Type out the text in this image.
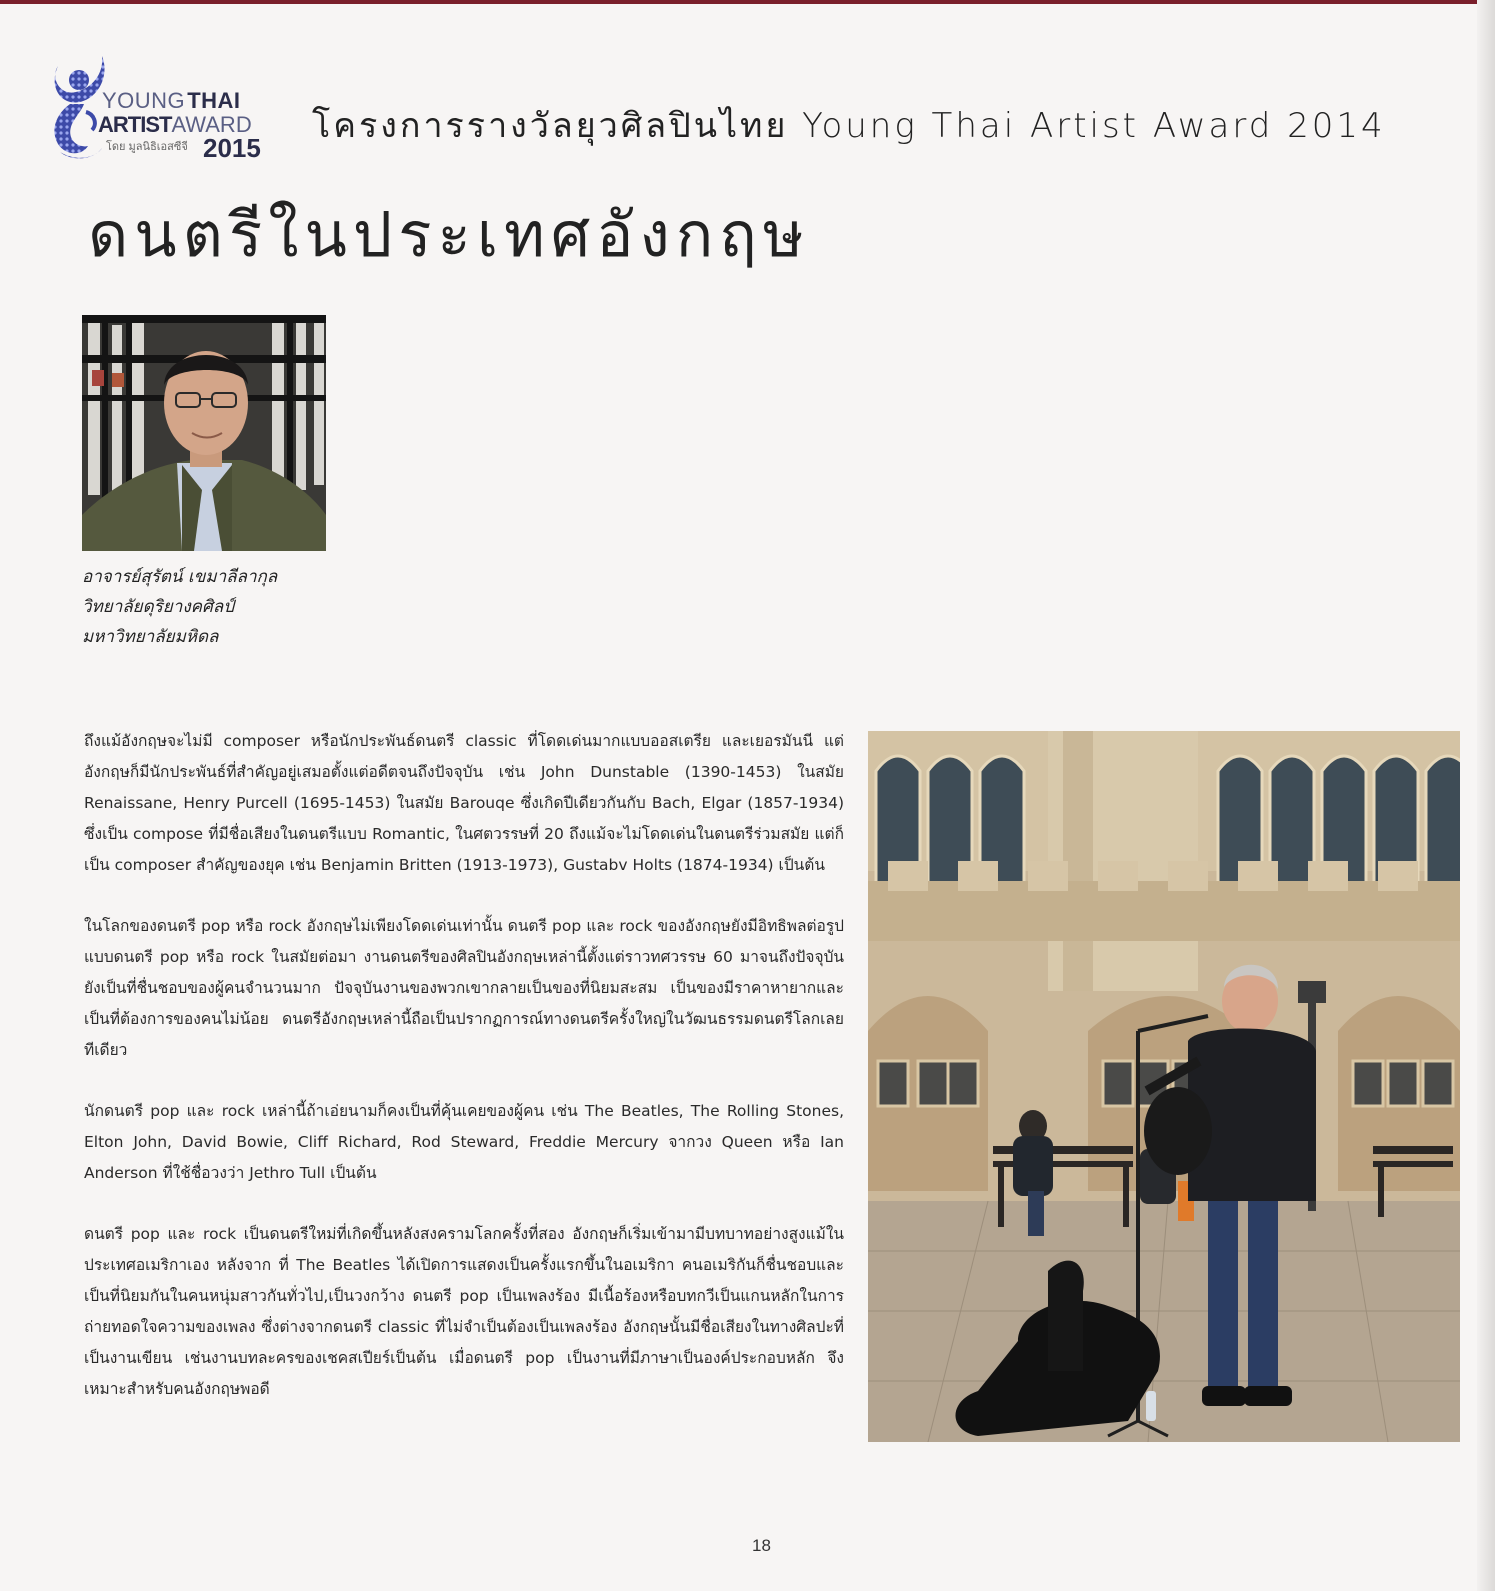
YOUNGTHAI
ARTISTAWARD
โดย มูลนิธิเอสซีจี 2015
โครงการรางวัลยุวศิลปินไทย Young Thai Artist Award 2014
ดนตรีในประเทศอังกฤษ
อาจารย์สุรัตน์ เขมาลีลากุล
วิทยาลัยดุริยางคศิลป์
มหาวิทยาลัยมหิดล

ถึงแม้อังกฤษจะไม่มี composer หรือนักประพันธ์ดนตรี classic ที่โดดเด่นมากแบบออสเตรีย และเยอรมันนี แต่อังกฤษก็มีนักประพันธ์ที่สำคัญอยู่เสมอตั้งแต่อดีตจนถึงปัจจุบัน เช่น John Dunstable (1390-1453) ในสมัย Renaissane, Henry Purcell (1695-1453) ในสมัย Barouqe ซึ่งเกิดปีเดียวกันกับ Bach, Elgar (1857-1934) ซึ่งเป็น compose ที่มีชื่อเสียงในดนตรีแบบ Romantic, ในศตวรรษที่ 20 ถึงแม้จะไม่โดดเด่นในดนตรีร่วมสมัย แต่ก็เป็น composer สำคัญของยุค เช่น Benjamin Britten (1913-1973), Gustabv Holts (1874-1934) เป็นต้น

ในโลกของดนตรี pop หรือ rock อังกฤษไม่เพียงโดดเด่นเท่านั้น ดนตรี pop และ rock ของอังกฤษยังมีอิทธิพลต่อรูปแบบดนตรี pop หรือ rock ในสมัยต่อมา งานดนตรีของศิลปินอังกฤษเหล่านี้ตั้งแต่ราวทศวรรษ 60 มาจนถึงปัจจุบันยังเป็นที่ชื่นชอบของผู้คนจำนวนมาก ปัจจุบันงานของพวกเขากลายเป็นของที่นิยมสะสม เป็นของมีราคาหายากและเป็นที่ต้องการของคนไม่น้อย ดนตรีอังกฤษเหล่านี้ถือเป็นปรากฏการณ์ทางดนตรีครั้งใหญ่ในวัฒนธรรมดนตรีโลกเลยทีเดียว

นักดนตรี pop และ rock เหล่านี้ถ้าเอ่ยนามก็คงเป็นที่คุ้นเคยของผู้คน เช่น The Beatles, The Rolling Stones, Elton John, David Bowie, Cliff Richard, Rod Steward, Freddie Mercury จากวง Queen หรือ Ian Anderson ที่ใช้ชื่อวงว่า Jethro Tull เป็นต้น

ดนตรี pop และ rock เป็นดนตรีใหม่ที่เกิดขึ้นหลังสงครามโลกครั้งที่สอง อังกฤษก็เริ่มเข้ามามีบทบาทอย่างสูงแม้ในประเทศอเมริกาเอง หลังจาก ที่ The Beatles ได้เปิดการแสดงเป็นครั้งแรกขึ้นในอเมริกา คนอเมริกันก็ชื่นชอบและเป็นที่นิยมกันในคนหนุ่มสาวกันทั่วไป,เป็นวงกว้าง ดนตรี pop เป็นเพลงร้อง มีเนื้อร้องหรือบทกวีเป็นแกนหลักในการถ่ายทอดใจความของเพลง ซึ่งต่างจากดนตรี classic ที่ไม่จำเป็นต้องเป็นเพลงร้อง อังกฤษนั้นมีชื่อเสียงในทางศิลปะที่เป็นงานเขียน เช่นงานบทละครของเชคสเปียร์เป็นต้น เมื่อดนตรี pop เป็นงานที่มีภาษาเป็นองค์ประกอบหลัก จึงเหมาะสำหรับคนอังกฤษพอดี

18
